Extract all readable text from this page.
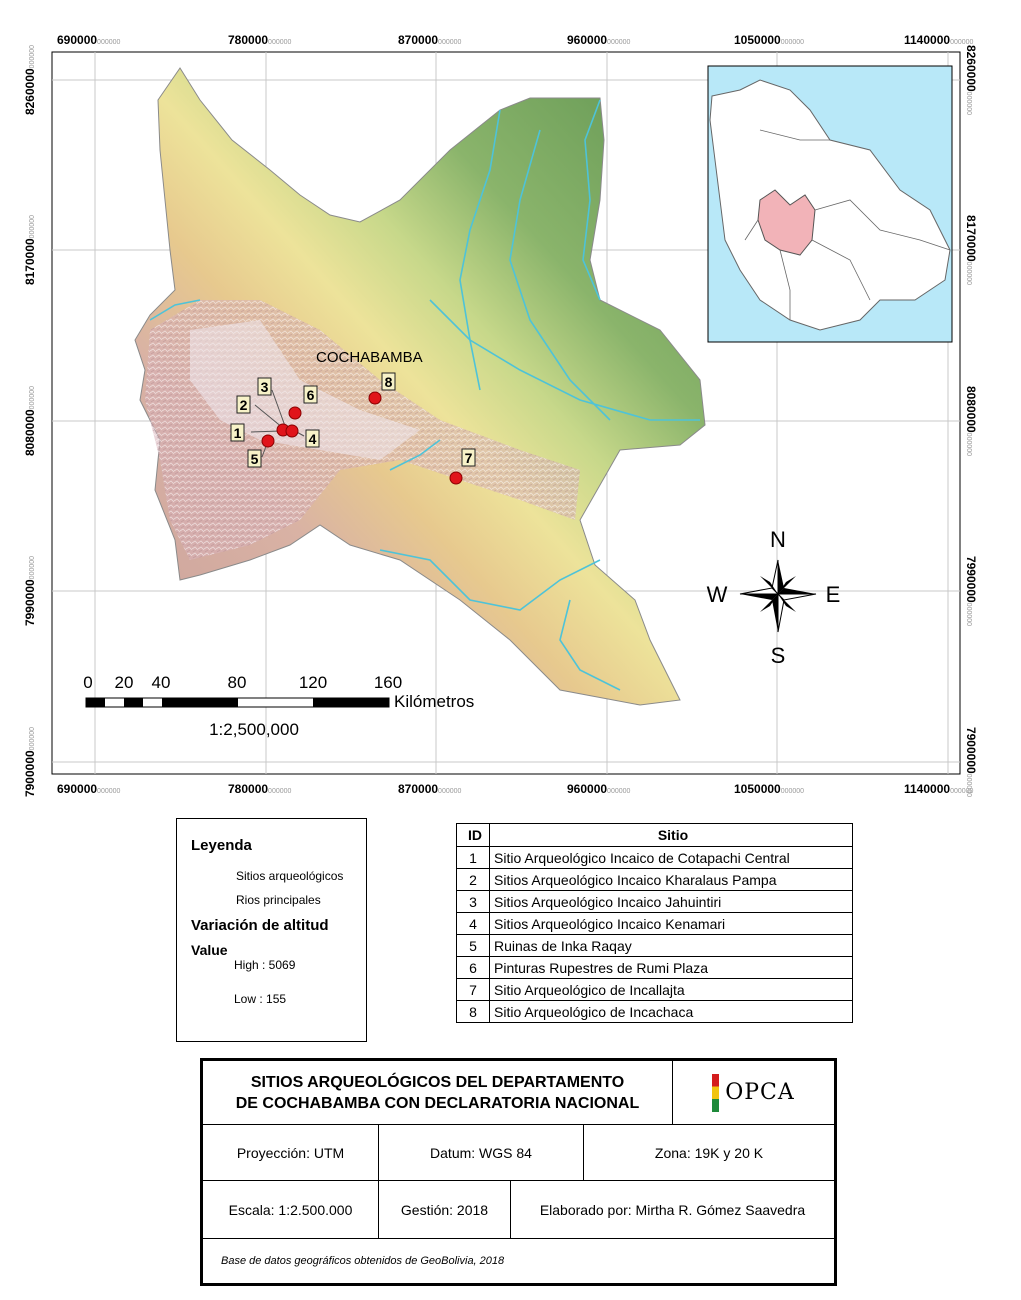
1
2
3
4
5
6
7
8
COCHABAMBA
0 20 40	80	120	160
Kilómetros
1:2,500,000
N
S
E
W
690000000000	780000000000	870000000000	960000000000	1050000000000	1140000000000
690000000000	780000000000	870000000000	960000000000	1050000000000	1140000000000
8260000000000
8170000000000
8080000000000
7990000000000
7900000000000
8260000000000
8170000000000
8080000000000
7990000000000
7900000000000
Leyenda
Sitios arqueológicos
Rios principales
Variación de altitud
Value
High : 5069
Low : 155
ID	Sitio
1	Sitio Arqueológico Incaico de Cotapachi Central
2	Sitios Arqueológico Incaico Kharalaus Pampa
3	Sitios Arqueológico Incaico Jahuintiri
4	Sitios Arqueológico Incaico Kenamari
5	Ruinas de Inka Raqay
6	Pinturas Rupestres de Rumi Plaza
7	Sitio Arqueológico de Incallajta
8	Sitio Arqueológico de Incachaca
SITIOS ARQUEOLÓGICOS DEL DEPARTAMENTO
DE COCHABAMBA CON DECLARATORIA NACIONAL	OPCA
Proyección: UTM	Datum: WGS 84	Zona: 19K y 20 K
Escala: 1:2.500.000	Gestión: 2018	Elaborado por: Mirtha R. Gómez Saavedra
Base de datos geográficos obtenidos de GeoBolivia, 2018
